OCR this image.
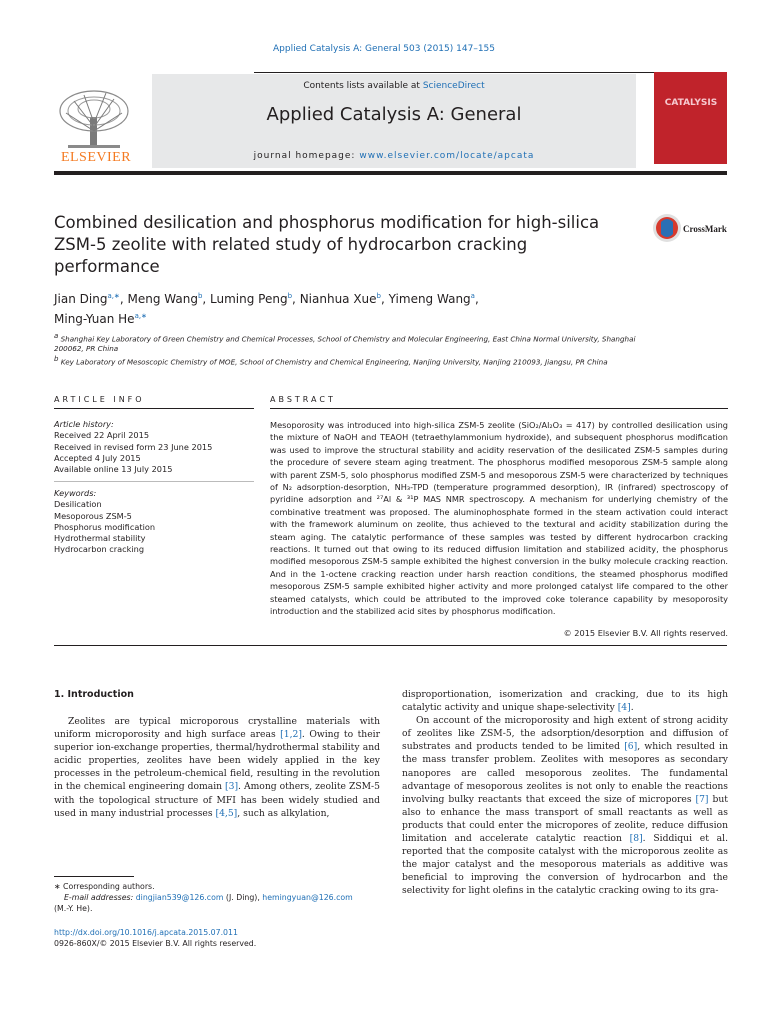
Applied Catalysis A: General 503 (2015) 147–155
ELSEVIER
Contents lists available at ScienceDirect
Applied Catalysis A: General
journal homepage: www.elsevier.com/locate/apcata
CATALYSIS
Combined desilication and phosphorus modification for high-silica ZSM-5 zeolite with related study of hydrocarbon cracking performance
CrossMark
Jian Ding$^{a,∗}$, Meng Wang$^b$, Luming Peng$^b$, Nianhua Xue$^b$, Yimeng Wang$^a$,
Ming-Yuan $He^{a,∗}$
$^a$ Shanghai Key Laboratory of Green Chemistry and Chemical Processes, School of Chemistry and Molecular Engineering, East China Normal University, Shanghai 200062, PR China
$^b$ Key Laboratory of Mesoscopic Chemistry of MOE, School of Chemistry and Chemical Engineering, Nanjing University, Nanjing 210093, Jiangsu, PR China
ARTICLE INFO	ABSTRACT
Article history:
Received 22 April 2015
Received in revised form 23 June 2015
Accepted 4 July 2015
Available online 13 July 2015
Keywords:
Desilication
Mesoporous ZSM-5
Phosphorus modification
Hydrothermal stability
Hydrocarbon cracking
Mesoporosity was introduced into high-silica ZSM-5 zeolite (SiO₂/Al₂O₃ = 417) by controlled desilication using the mixture of NaOH and TEAOH (tetraethylammonium hydroxide), and subsequent phosphorus modification was used to improve the structural stability and acidity reservation of the desilicated ZSM-5 samples during the procedure of severe steam aging treatment. The phosphorus modified mesoporous ZSM-5 sample along with parent ZSM-5, solo phosphorus modified ZSM-5 and mesoporous ZSM-5 were characterized by techniques of N₂ adsorption-desorption, NH₃-TPD (temperature programmed desorption), IR (infrared) spectroscopy of pyridine adsorption and ²⁷Al & ³¹P MAS NMR spectroscopy. A mechanism for underlying chemistry of the combinative treatment was proposed. The aluminophosphate formed in the steam activation could interact with the framework aluminum on zeolite, thus achieved to the textural and acidity stabilization during the steam aging. The catalytic performance of these samples was tested by different hydrocarbon cracking reactions. It turned out that owing to its reduced diffusion limitation and stabilized acidity, the phosphorus modified mesoporous ZSM-5 sample exhibited the highest conversion in the bulky molecule cracking reaction. And in the 1-octene cracking reaction under harsh reaction conditions, the steamed phosphorus modified mesoporous ZSM-5 sample exhibited higher activity and more prolonged catalyst life compared to the other steamed catalysts, which could be attributed to the improved coke tolerance capability by mesoporosity introduction and the stabilized acid sites by phosphorus modification.
© 2015 Elsevier B.V. All rights reserved.
1. Introduction

Zeolites are typical microporous crystalline materials with uniform microporosity and high surface areas [1,2]. Owing to their superior ion-exchange properties, thermal/hydrothermal stability and acidic properties, zeolites have been widely applied in the key processes in the petroleum-chemical field, resulting in the revolution in the chemical engineering domain [3]. Among others, zeolite ZSM-5 with the topological structure of MFI has been widely studied and used in many industrial processes [4,5], such as alkylation,

disproportionation, isomerization and cracking, due to its high catalytic activity and unique shape-selectivity [4].

On account of the microporosity and high extent of strong acidity of zeolites like ZSM-5, the adsorption/desorption and diffusion of substrates and products tended to be limited [6], which resulted in the mass transfer problem. Zeolites with mesopores as secondary nanopores are called mesoporous zeolites. The fundamental advantage of mesoporous zeolites is not only to enable the reactions involving bulky reactants that exceed the size of micropores [7] but also to enhance the mass transport of small reactants as well as products that could enter the micropores of zeolite, reduce diffusion limitation and accelerate catalytic reaction [8]. Siddiqui et al. reported that the composite catalyst with the microporous zeolite as the major catalyst and the mesoporous materials as additive was beneficial to improving the conversion of hydrocarbon and the selectivity for light olefins in the catalytic cracking owing to its gra-

∗ Corresponding authors.
E-mail addresses: dingjian539@126.com (J. Ding), hemingyuan@126.com
(M.-Y. He).
http://dx.doi.org/10.1016/j.apcata.2015.07.011
0926-860X/© 2015 Elsevier B.V. All rights reserved.
